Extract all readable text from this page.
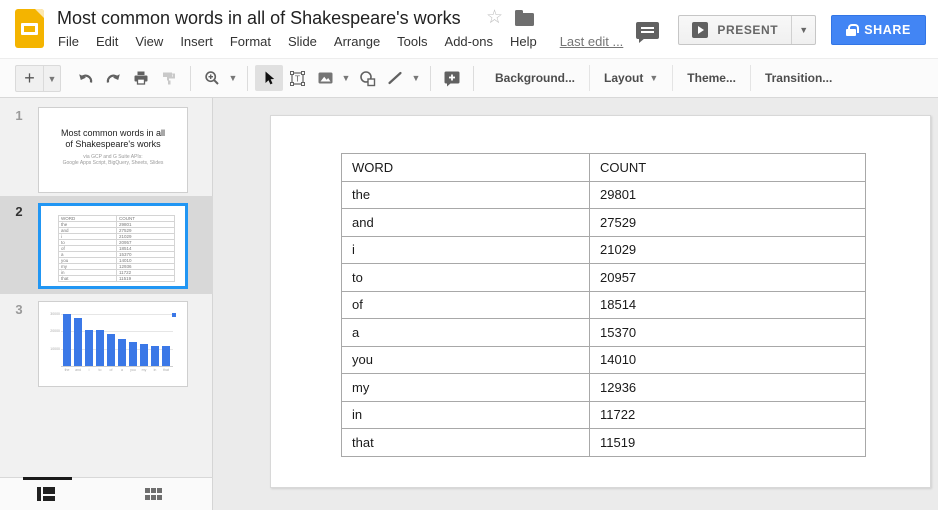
Most common words in all of Shakespeare's works ☆
File Edit View Insert Format Slide Arrange Tools Add-ons Help Last edit ...
PRESENT	▼	SHARE
+	▼	▼	T	▼	▼	Background... Layout ▼ Theme... Transition...
1
Most common words in all
of Shakespeare's works
via GCP and G Suite APIs:
Google Apps Script, BigQuery, Sheets, Slides
2	WORD	COUNT
the	29801
and	27529
i	21029
to	20957
of	18514
a	15370
you	14010
my	12936
in	11722
that	11519
3	30000
20000
10000
the	and	i	to	of	a	you	my	in	that
WORD	COUNT
the	29801
and	27529
i	21029
to	20957
of	18514
a	15370
you	14010
my	12936
in	11722
that	11519
